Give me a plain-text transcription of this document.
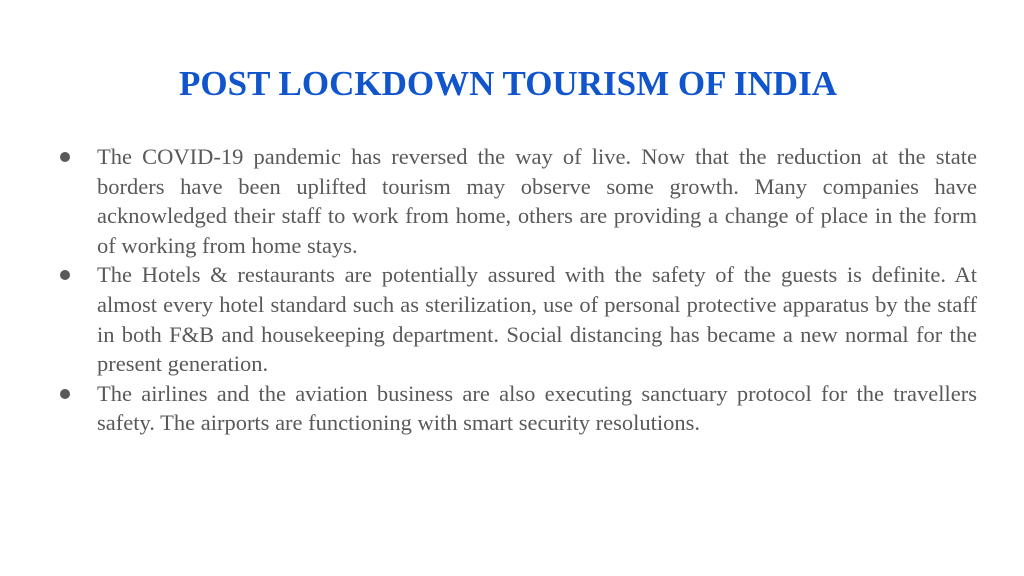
POST LOCKDOWN TOURISM OF INDIA
The COVID-19 pandemic has reversed the way of live. Now that the reduction at the state borders have been uplifted tourism may observe some growth. Many companies have acknowledged their staff to work from home, others are providing a change of place in the form of working from home stays.
The Hotels & restaurants are potentially assured with the safety of the guests is definite. At almost every hotel standard such as sterilization, use of personal protective apparatus by the staff in both F&B and housekeeping department. Social distancing has became a new normal for the present generation.
The airlines and the aviation business are also executing sanctuary protocol for the travellers safety. The airports are functioning with smart security resolutions.
